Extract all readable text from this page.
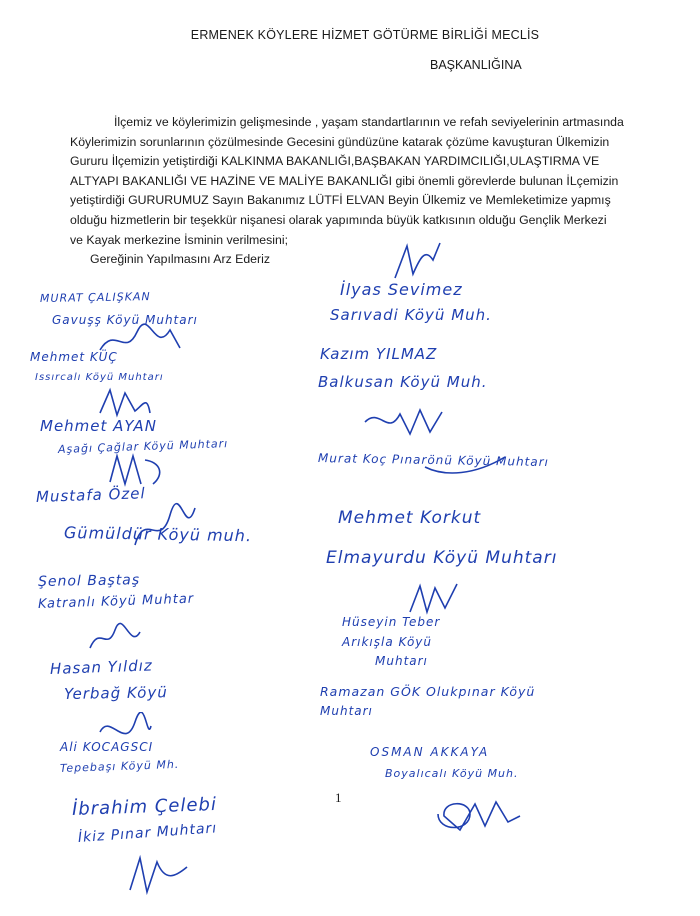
ERMENEK KÖYLERE HİZMET GÖTÜRME BİRLİĞİ MECLİS
BAŞKANLIĞINA
İlçemiz ve köylerimizin gelişmesinde , yaşam standartlarının ve refah seviyelerinin artmasında
Köylerimizin sorunlarının çözülmesinde Gecesini gündüzüne katarak çözüme kavuşturan Ülkemizin
Gururu İlçemizin yetiştirdiği KALKINMA BAKANLIĞI,BAŞBAKAN YARDIMCILIĞI,ULAŞTIRMA VE
ALTYAPI BAKANLIĞI VE HAZİNE VE MALİYE BAKANLIĞI gibi önemli görevlerde bulunan İLçemizin
yetiştirdiği GURURUMUZ Sayın Bakanımız LÜTFİ ELVAN Beyin Ülkemiz ve Memleketimize yapmış
olduğu hizmetlerin bir teşekkür nişanesi olarak yapımında büyük katkısının olduğu Gençlik Merkezi
ve Kayak merkezine İsminin verilmesini;
Gereğinin Yapılmasını Arz Ederiz
MURAT ÇALIŞKAN
Gavuşş Köyü Muhtarı
Mehmet KÜÇ
Issırcalı Köyü Muhtarı
Mehmet AYAN
Aşağı Çağlar Köyü Muhtarı
Mustafa Özel
Gümüldür Köyü muh.
Şenol Baştaş
Katranlı Köyü Muhtar
Hasan Yıldız
Yerbağ Köyü
Ali KOCAGSCI
Tepebaşı Köyü Mh.
İbrahim Çelebi
İkiz Pınar Muhtarı
İlyas Sevimez
Sarıvadi Köyü Muh.
Kazım YILMAZ
Balkusan Köyü Muh.
Murat Koç Pınarönü Köyü Muhtarı
Mehmet Korkut
Elmayurdu Köyü Muhtarı
Hüseyin Teber
Arıkışla Köyü
Muhtarı
Ramazan GÖK Olukpınar Köyü
Muhtarı
OSMAN AKKAYA
Boyalıcalı Köyü Muh.
1
